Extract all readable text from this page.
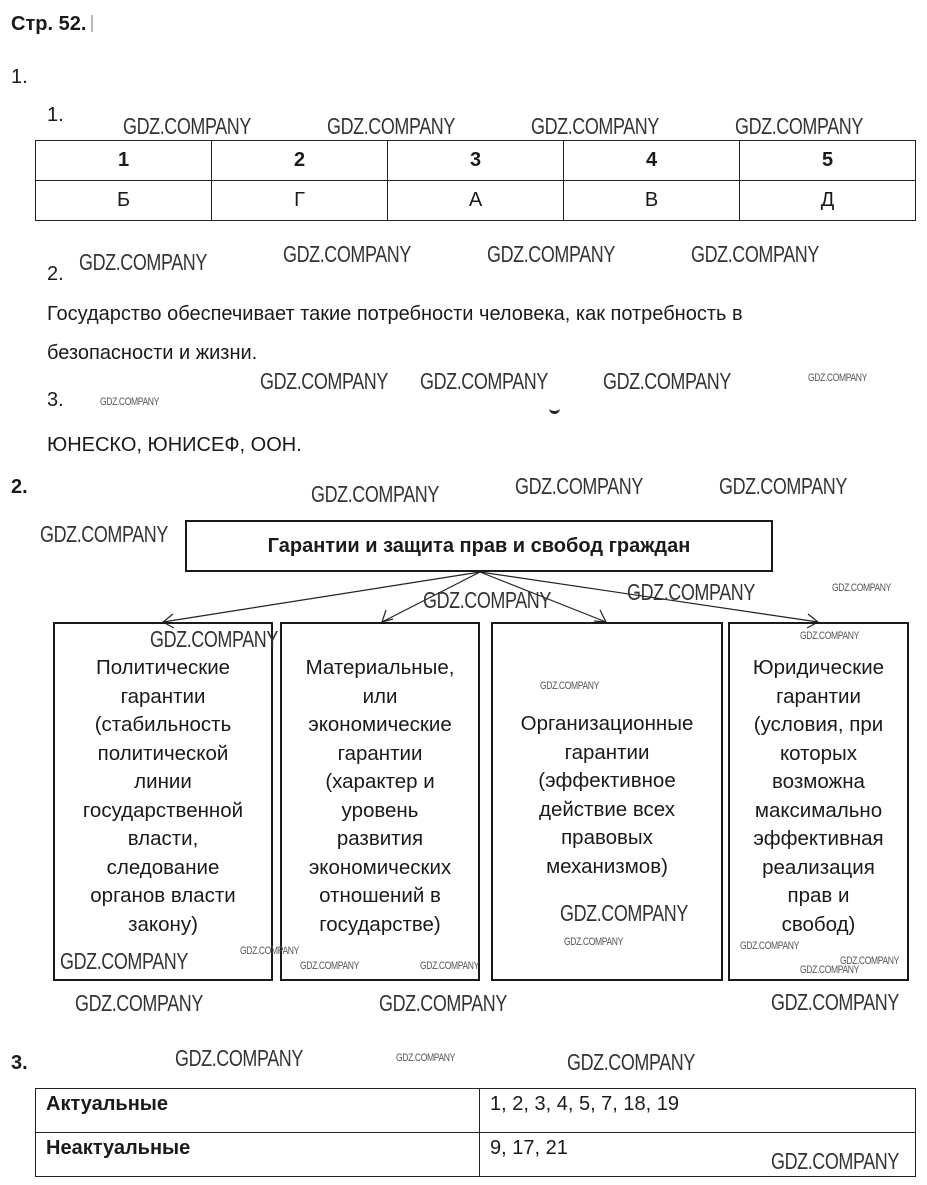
Стр. 52.
1.
1.
1	2	3	4	5
Б	Г	А	В	Д
2.
Государство обеспечивает такие потребности человека, как потребность в
безопасности и жизни.
3.
ЮНЕСКО, ЮНИСЕФ, ООН.
2.
Гарантии и защита прав и свобод граждан
Политические
гарантии
(стабильность
политической
линии
государственной
власти,
следование
органов власти
закону)
Материальные,
или
экономические
гарантии
(характер и
уровень
развития
экономических
отношений в
государстве)
Организационные
гарантии
(эффективное
действие всех
правовых
механизмов)
Юридические
гарантии
(условия, при
которых
возможна
максимально
эффективная
реализация
прав и
свобод)
3.
Актуальные	1, 2, 3, 4, 5, 7, 18, 19
Неактуальные	9, 17, 21
GDZ.COMPANY	GDZ.COMPANY	GDZ.COMPANY	GDZ.COMPANY
GDZ.COMPANY	GDZ.COMPANY	GDZ.COMPANY	GDZ.COMPANY
GDZ.COMPANY GDZ.COMPANY GDZ.COMPANY	GDZ.COMPANY
GDZ.COMPANY
GDZ.COMPANY	GDZ.COMPANY	GDZ.COMPANY
GDZ.COMPANY
GDZ.COMPANY	GDZ.COMPANY	GDZ.COMPANY
GDZ.COMPANY
GDZ.COMPANY
GDZ.COMPANY
GDZ.COMPANY
GDZ.COMPANY
GDZ.COMPANY
GDZ.COMPANY
GDZ.COMPANY	GDZ.COMPANY
GDZ.COMPANY
GDZ.COMPANY
GDZ.COMPANY
GDZ.COMPANY	GDZ.COMPANY	GDZ.COMPANY
GDZ.COMPANY	GDZ.COMPANY	GDZ.COMPANY
GDZ.COMPANY
